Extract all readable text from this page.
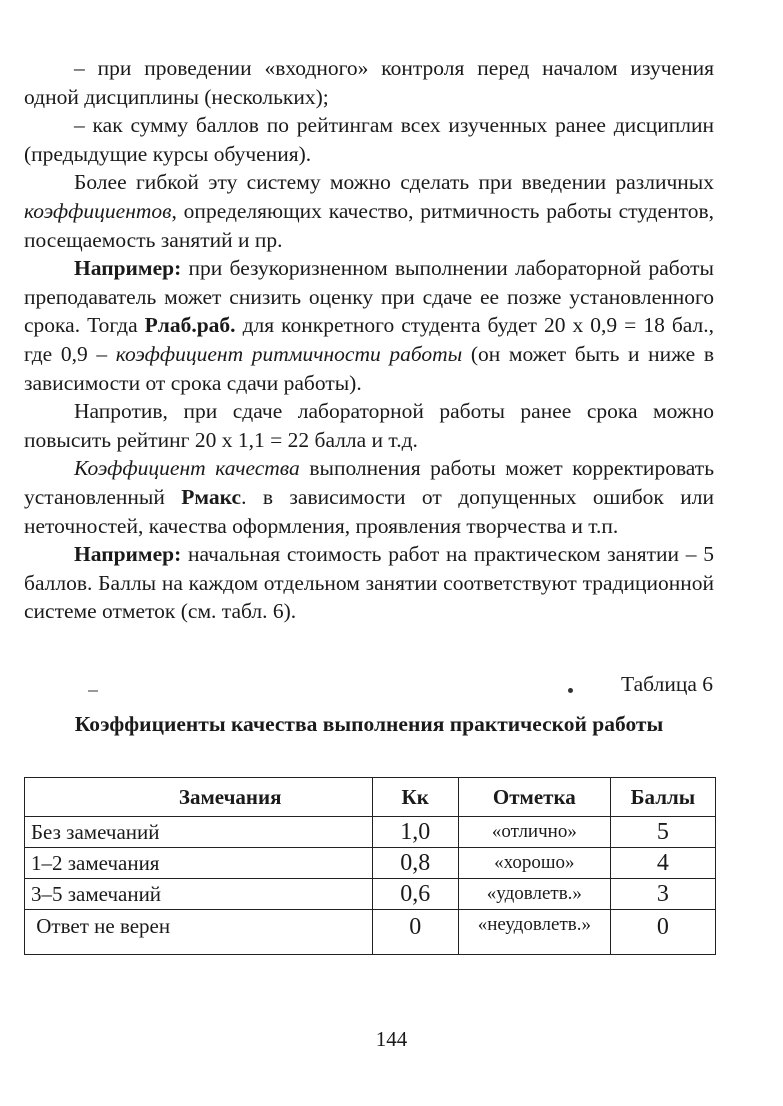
– при проведении «входного» контроля перед началом изучения одной дисциплины (нескольких);

– как сумму баллов по рейтингам всех изученных ранее дисциплин (предыдущие курсы обучения).

Более гибкой эту систему можно сделать при введении различных коэффициентов, определяющих качество, ритмичность работы студентов, посещаемость занятий и пр.

Например: при безукоризненном выполнении лабораторной работы преподаватель может снизить оценку при сдаче ее позже установленного срока. Тогда Рлаб.раб. для конкретного студента будет 20 x 0,9 = 18 бал., где 0,9 – коэффициент ритмичности работы (он может быть и ниже в зависимости от срока сдачи работы).

Напротив, при сдаче лабораторной работы ранее срока можно повысить рейтинг 20 x 1,1 = 22 балла и т.д.

Коэффициент качества выполнения работы может корректировать установленный Рмакс. в зависимости от допущенных ошибок или неточностей, качества оформления, проявления творчества и т.п.

Например: начальная стоимость работ на практическом занятии – 5 баллов. Баллы на каждом отдельном занятии соответствуют традиционной системе отметок (см. табл. 6).

Таблица 6
Коэффициенты качества выполнения практической работы
Замечания	Кк	Отметка	Баллы
Без замечаний	1,0	«отлично»	5
1–2 замечания	0,8	«хорошо»	4
3–5 замечаний	0,6	«удовлетв.»	3
Ответ не верен	0	«неудовлетв.»	0
144
